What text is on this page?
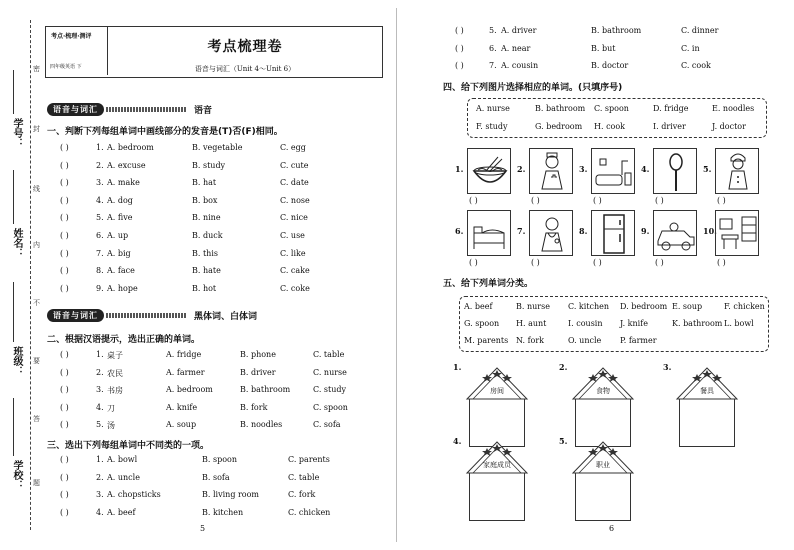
学号：
姓名：
班级：
学校：
密
封
线
内
不
要
答
题
考点·梳理·测评
四年级英语 下
考点梳理卷
语音与词汇（Unit 4～Unit 6）
语音与词汇	语音
一、判断下列每组单词中画线部分的发音是(T)否(F)相同。
( )	1. A. bedroom	B. vegetable	C. egg
( )	2. A. excuse	B. study	C. cute
( )	3. A. make	B. hat	C. date
( )	4. A. dog	B. box	C. nose
( )	5. A. five	B. nine	C. nice
( )	6. A. up	B. duck	C. use
( )	7. A. big	B. this	C. like
( )	8. A. face	B. hate	C. cake
( )	9. A. hope	B. hot	C. coke
语音与词汇	黑体词、白体词
二、根据汉语提示，选出正确的单词。
( )	1. 桌子	A. fridge	B. phone	C. table
( )	2. 农民	A. farmer	B. driver	C. nurse
( )	3. 书房	A. bedroom	B. bathroom	C. study
( )	4. 刀	A. knife	B. fork	C. spoon
( )	5. 汤	A. soup	B. noodles	C. sofa
三、选出下列每组单词中不同类的一项。
( )	1. A. bowl	B. spoon	C. parents
( )	2. A. uncle	B. sofa	C. table
( )	3. A. chopsticks	B. living room	C. fork
( )	4. A. beef	B. kitchen	C. chicken
5
( )	5. A. driver	B. bathroom	C. dinner
( )	6. A. near	B. but	C. in
( )	7. A. cousin	B. doctor	C. cook
四、给下列图片选择相应的单词。(只填序号)
A. nurse	B. bathroom C. spoon	D. fridge	E. noodles
F. study	G. bedroom H. cook	I. driver	J. doctor
1.
( )
2.
( )
3.
( )
4.
( )
5.
( )
6.
( )
7.
( )
8.
( )
9.
( )
10.
( )
五、给下列单词分类。
A. beef	B. nurse C. kitchen D. bedroom E. soup	F. chicken
G. spoon H. aunt	I. cousin J. knife	K. bathroom L. bowl
M. parents N. fork	O. uncle P. farmer
1.
房间
2.
食物
3.
餐具
4.
家庭成员
5.
职业
6
